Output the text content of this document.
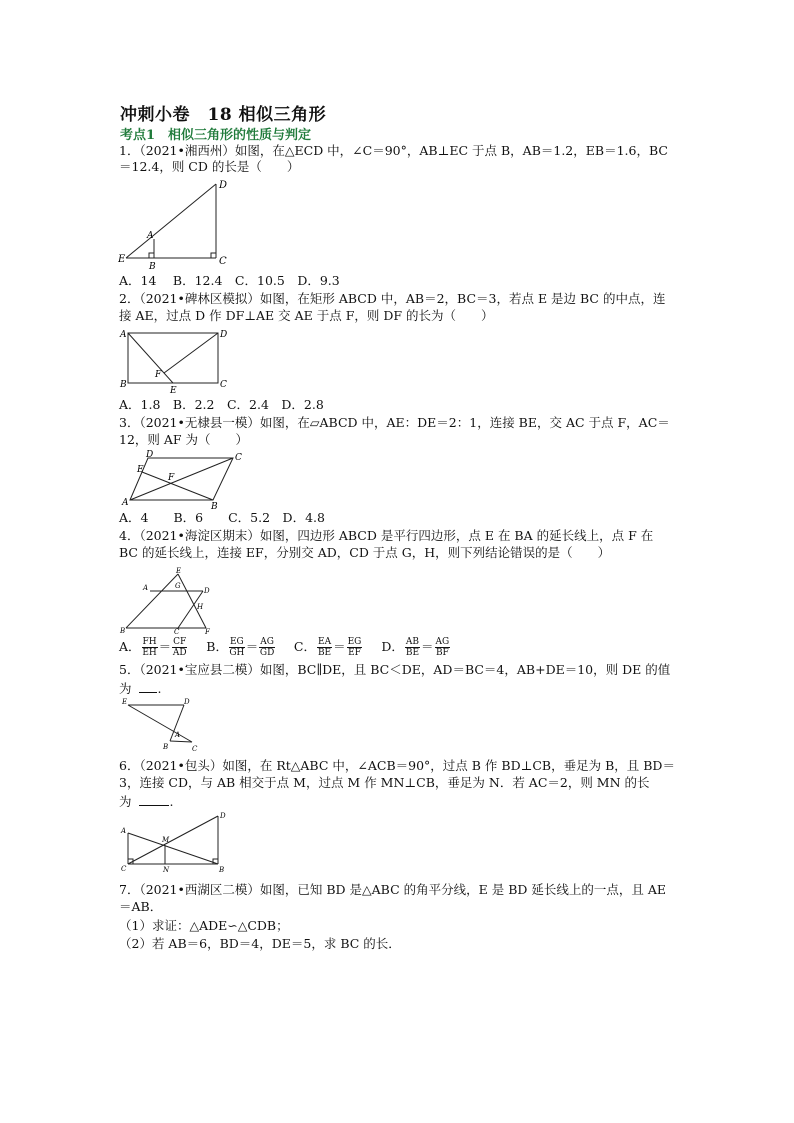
冲刺小卷　18 相似三角形
考点1　相似三角形的性质与判定
1．（2021•湘西州）如图，在△ECD 中，∠C＝90°，AB⊥EC 于点 B，AB＝1.2，EB＝1.6，BC
＝12.4，则 CD 的长是（　　）
D
A
E
B	C
A．14　 B．12.4　C．10.5　D．9.3
2．（2021•碑林区模拟）如图，在矩形 ABCD 中，AB＝2，BC＝3，若点 E 是边 BC 的中点，连
接 AE，过点 D 作 DF⊥AE 交 AE 于点 F，则 DF 的长为（　　）
A	D
B	C
E
F
A．1.8　B．2.2　C．2.4　D．2.8
3．（2021•无棣县一模）如图，在▱ABCD 中，AE：DE＝2：1，连接 BE，交 AC 于点 F，AC＝
12，则 AF 为（　　）
D	C
E
F
A	B
A．4　　B．6　　C．5.2　D．4.8
4．（2021•海淀区期末）如图，四边形 ABCD 是平行四边形，点 E 在 BA 的延长线上，点 F 在
BC 的延长线上，连接 EF，分别交 AD，CD 于点 G，H，则下列结论错误的是（　　）
E
A	G
D
H
B	C	F
A． $\frac{FH}{EH} = \frac{CF}{AD}$ B． $\frac{EG}{GH} = \frac{AG}{GD}$ C． $\frac{EA}{BE} = \frac{EG}{EF}$ D． $\frac{AB}{BE} = \frac{AG}{BF}$
5．（2021•宝应县二模）如图，BC∥DE，且 BC＜DE，AD＝BC＝4，AB+DE＝10，则 DE 的值
为 .
E	D
A
B	C
6．（2021•包头）如图，在 Rt△ABC 中，∠ACB＝90°，过点 B 作 BD⊥CB，垂足为 B，且 BD＝
3，连接 CD，与 AB 相交于点 M，过点 M 作 MN⊥CB，垂足为 N．若 AC＝2，则 MN 的长
为	.
D
A
M
C	N	B
7．（2021•西湖区二模）如图，已知 BD 是△ABC 的角平分线，E 是 BD 延长线上的一点，且 AE
＝AB．
（1）求证：△ADE∽△CDB；
（2）若 AB＝6，BD＝4，DE＝5，求 BC 的长．
